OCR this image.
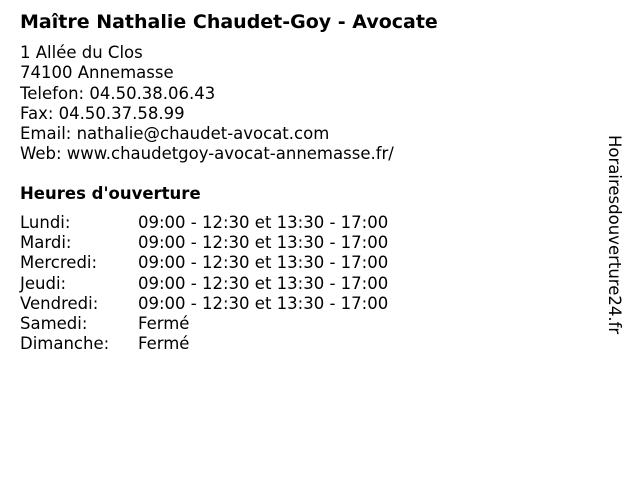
Maître Nathalie Chaudet-Goy - Avocate
1 Allée du Clos
74100 Annemasse
Telefon: 04.50.38.06.43
Fax: 04.50.37.58.99
Email: nathalie@chaudet-avocat.com
Web: www.chaudetgoy-avocat-annemasse.fr/
Heures d'ouverture
Lundi:	09:00 - 12:30 et 13:30 - 17:00
Mardi:	09:00 - 12:30 et 13:30 - 17:00
Mercredi:	09:00 - 12:30 et 13:30 - 17:00
Jeudi:	09:00 - 12:30 et 13:30 - 17:00
Vendredi:	09:00 - 12:30 et 13:30 - 17:00
Samedi:	Fermé
Dimanche:	Fermé
Horairesdouverture24.fr
